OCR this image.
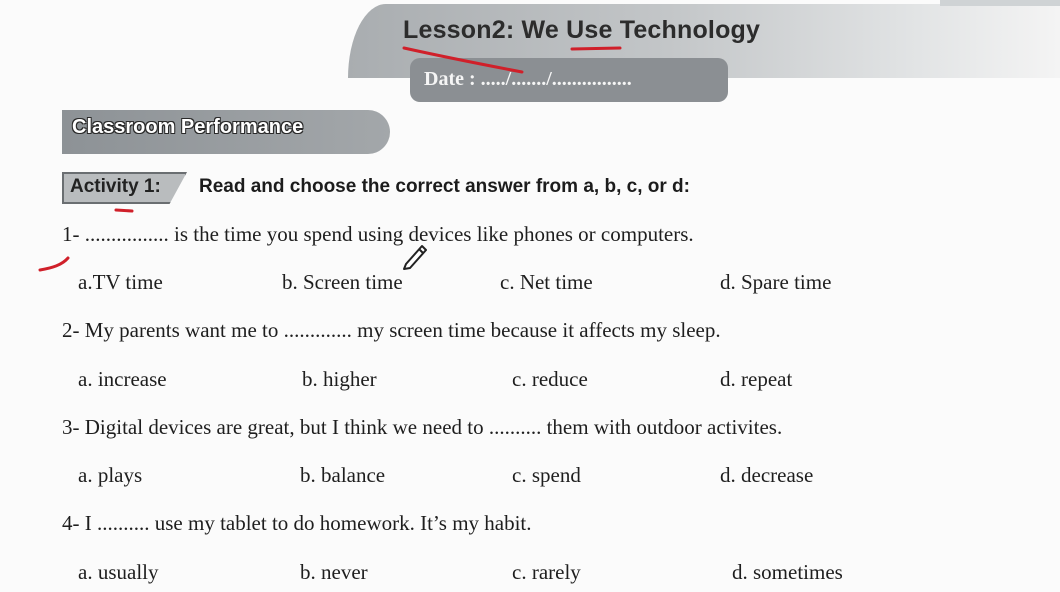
Lesson2: We Use Technology
Date : ...../......./................
Classroom Performance
Activity 1: Read and choose the correct answer from a, b, c, or d:
1- ................ is the time you spend using devices like phones or computers.
a.TV time	b. Screen time	c. Net time	d. Spare time
2- My parents want me to ............. my screen time because it affects my sleep.
a. increase	b. higher	c. reduce	d. repeat
3- Digital devices are great, but I think we need to .......... them with outdoor activites.
a. plays	b. balance	c. spend	d. decrease
4- I .......... use my tablet to do homework. It’s my habit.
a. usually	b. never	c. rarely	d. sometimes
